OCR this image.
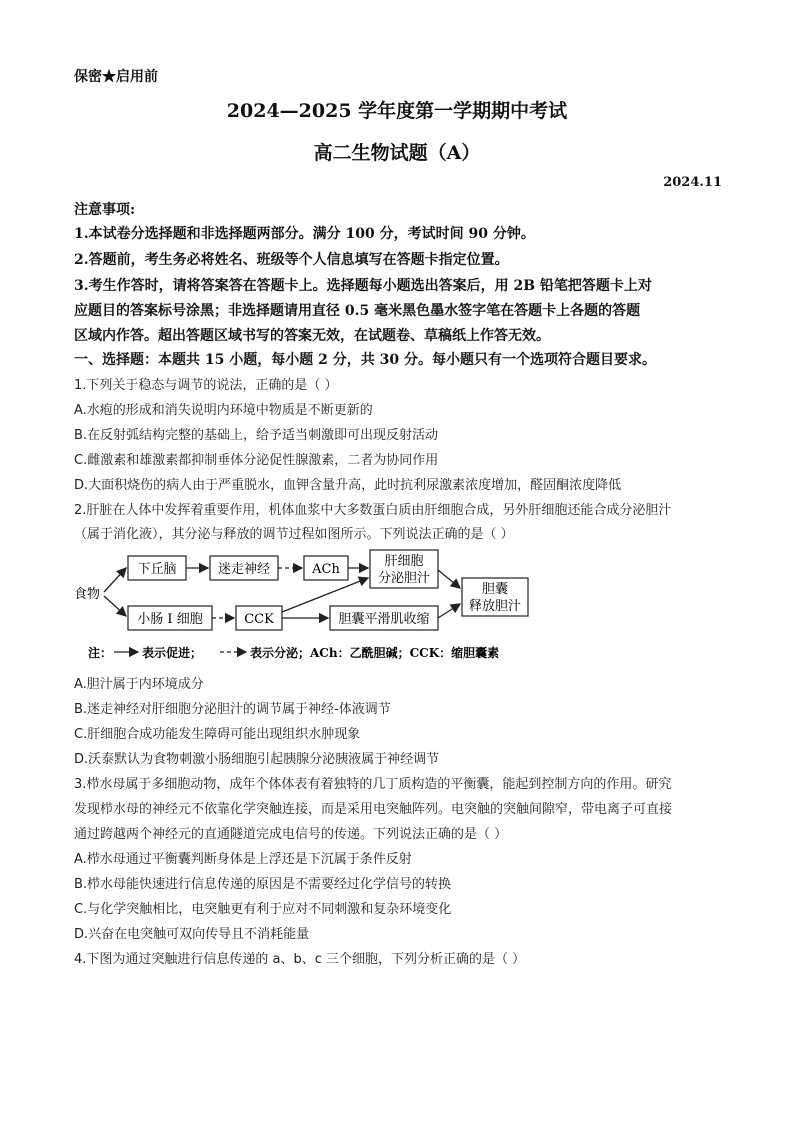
保密★启用前
2024—2025 学年度第一学期期中考试
高二生物试题（A）
2024.11
注意事项:
1.本试卷分选择题和非选择题两部分。满分 100 分，考试时间 90 分钟。
2.答题前，考生务必将姓名、班级等个人信息填写在答题卡指定位置。
3.考生作答时，请将答案答在答题卡上。选择题每小题选出答案后，用 2B 铅笔把答题卡上对
应题目的答案标号涂黑；非选择题请用直径 0.5 毫米黑色墨水签字笔在答题卡上各题的答题
区域内作答。超出答题区域书写的答案无效，在试题卷、草稿纸上作答无效。
一、选择题：本题共 15 小题，每小题 2 分，共 30 分。每小题只有一个选项符合题目要求。
1.下列关于稳态与调节的说法，正确的是（ ）
A.水疱的形成和消失说明内环境中物质是不断更新的
B.在反射弧结构完整的基础上，给予适当刺激即可出现反射活动
C.雌激素和雄激素都抑制垂体分泌促性腺激素，二者为协同作用
D.大面积烧伤的病人由于严重脱水，血钾含量升高，此时抗利尿激素浓度增加，醛固酮浓度降低
2.肝脏在人体中发挥着重要作用，机体血浆中大多数蛋白质由肝细胞合成，另外肝细胞还能合成分泌胆汁
（属于消化液），其分泌与释放的调节过程如图所示。下列说法正确的是（ ）
食物
下丘脑	迷走神经	ACh
肝细胞
分泌胆汁
小肠 I 细胞	CCK	胆囊平滑肌收缩
胆囊
释放胆汁
注： 表示促进；	表示分泌；ACh：乙酰胆碱；CCK：缩胆囊素
A.胆汁属于内环境成分
B.迷走神经对肝细胞分泌胆汁的调节属于神经-体液调节
C.肝细胞合成功能发生障碍可能出现组织水肿现象
D.沃泰默认为食物刺激小肠细胞引起胰腺分泌胰液属于神经调节
3.栉水母属于多细胞动物，成年个体体表有着独特的几丁质构造的平衡囊，能起到控制方向的作用。研究
发现栉水母的神经元不依靠化学突触连接，而是采用电突触阵列。电突触的突触间隙窄，带电离子可直接
通过跨越两个神经元的直通隧道完成电信号的传递。下列说法正确的是（ ）
A.栉水母通过平衡囊判断身体是上浮还是下沉属于条件反射
B.栉水母能快速进行信息传递的原因是不需要经过化学信号的转换
C.与化学突触相比，电突触更有利于应对不同刺激和复杂环境变化
D.兴奋在电突触可双向传导且不消耗能量
4.下图为通过突触进行信息传递的 a、b、c 三个细胞，下列分析正确的是（ ）
